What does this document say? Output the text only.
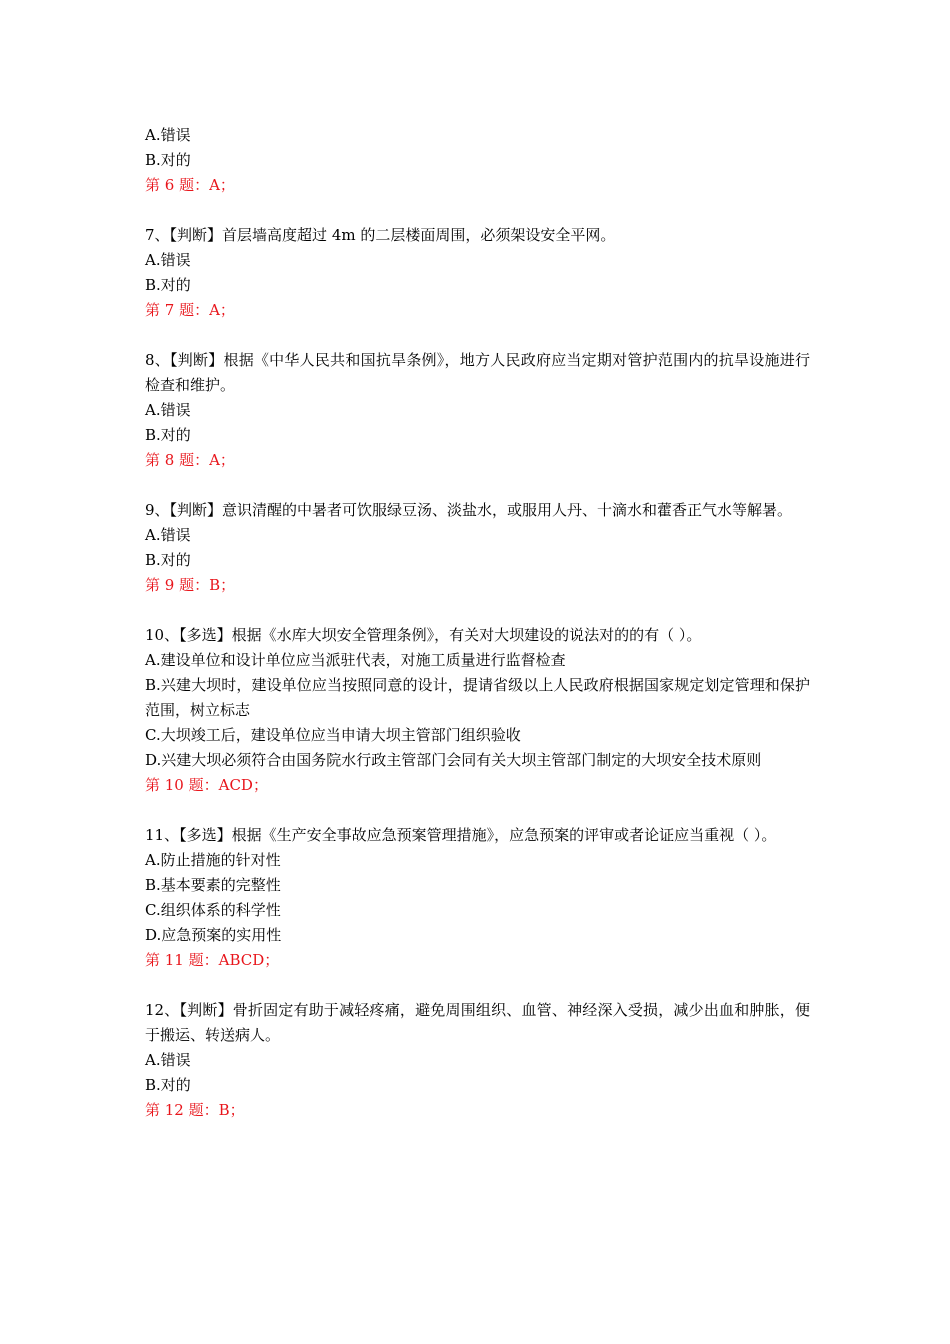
A.错误

B.对的

第 6 题：A；

7、【判断】首层墙高度超过 4m 的二层楼面周围，必须架设安全平网。

A.错误

B.对的

第 7 题：A；

8、【判断】根据《中华人民共和国抗旱条例》，地方人民政府应当定期对管护范围内的抗旱设施进行检查和维护。

A.错误

B.对的

第 8 题：A；

9、【判断】意识清醒的中暑者可饮服绿豆汤、淡盐水，或服用人丹、十滴水和藿香正气水等解暑。

A.错误

B.对的

第 9 题：B；

10、【多选】根据《水库大坝安全管理条例》，有关对大坝建设的说法对的的有（ ）。

A.建设单位和设计单位应当派驻代表，对施工质量进行监督检查

B.兴建大坝时，建设单位应当按照同意的设计，提请省级以上人民政府根据国家规定划定管理和保护范围，树立标志

C.大坝竣工后，建设单位应当申请大坝主管部门组织验收

D.兴建大坝必须符合由国务院水行政主管部门会同有关大坝主管部门制定的大坝安全技术原则

第 10 题：ACD；

11、【多选】根据《生产安全事故应急预案管理措施》，应急预案的评审或者论证应当重视（ ）。

A.防止措施的针对性

B.基本要素的完整性

C.组织体系的科学性

D.应急预案的实用性

第 11 题：ABCD；

12、【判断】骨折固定有助于减轻疼痛，避免周围组织、血管、神经深入受损，减少出血和肿胀，便于搬运、转送病人。

A.错误

B.对的

第 12 题：B；
